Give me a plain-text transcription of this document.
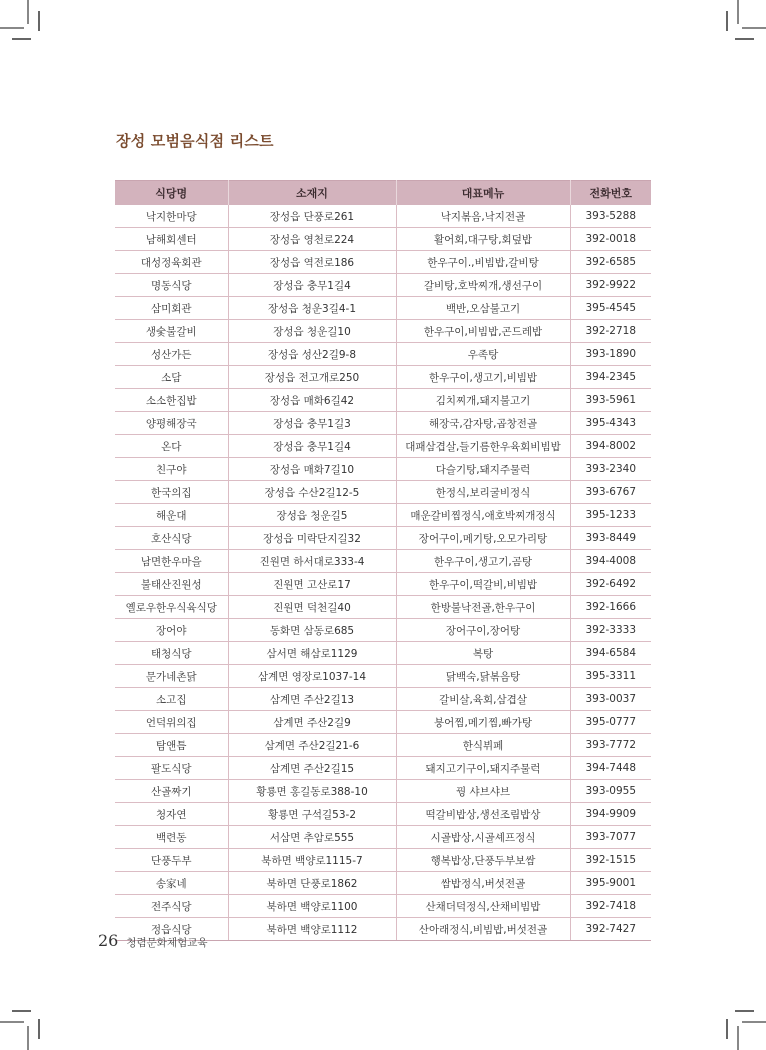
장성 모범음식점 리스트
식당명	소재지	대표메뉴	전화번호
낙지한마당	장성읍 단풍로261	낙지볶음,낙지전골	393-5288
남해회센터	장성읍 영천로224	활어회,대구탕,회덮밥	392-0018
대성정육회관	장성읍 역전로186	한우구이.,비빔밥,갈비탕	392-6585
명동식당	장성읍 충무1길4	갈비탕,호박찌개,생선구이	392-9922
삼미회관	장성읍 청운3길4-1	백반,오삼불고기	395-4545
생숯불갈비	장성읍 청운길10	한우구이,비빔밥,곤드레밥	392-2718
성산가든	장성읍 성산2길9-8	우족탕	393-1890
소담	장성읍 전고개로250	한우구이,생고기,비빔밥	394-2345
소소한집밥	장성읍 매화6길42	김치찌개,돼지불고기	393-5961
양평해장국	장성읍 충무1길3	해장국,감자탕,곱창전골	395-4343
온다	장성읍 충무1길4	대패삼겹살,들기름한우육회비빔밥	394-8002
친구야	장성읍 매화7길10	다슬기탕,돼지주물럭	393-2340
한국의집	장성읍 수산2길12-5	한정식,보리굴비정식	393-6767
해운대	장성읍 청운길5	매운갈비찜정식,애호박찌개정식	395-1233
호산식당	장성읍 미락단지길32	장어구이,메기탕,오모가리탕	393-8449
남면한우마을	진원면 하서대로333-4	한우구이,생고기,곰탕	394-4008
불태산진원성	진원면 고산로17	한우구이,떡갈비,비빔밥	392-6492
옐로우한우식육식당	진원면 덕천길40	한방불낙전골,한우구이	392-1666
장어야	동화면 삼동로685	장어구이,장어탕	392-3333
태청식당	삼서면 해삼로1129	복탕	394-6584
문가네촌닭	삼계면 영장로1037-14	닭백숙,닭볶음탕	395-3311
소고집	삼계면 주산2길13	갈비살,육회,삼겹살	393-0037
언덕위의집	삼계면 주산2길9	붕어찜,메기찜,빠가탕	395-0777
탐앤틈	삼계면 주산2길21-6	한식뷔페	393-7772
팔도식당	삼계면 주산2길15	돼지고기구이,돼지주물럭	394-7448
산골짜기	황룡면 홍길동로388-10	꿩 샤브샤브	393-0955
청자연	황룡면 구석길53-2	떡갈비밥상,생선조림밥상	394-9909
백련동	서삼면 추암로555	시골밥상,시골셰프정식	393-7077
단풍두부	북하면 백양로1115-7	행복밥상,단풍두부보쌈	392-1515
송家네	북하면 단풍로1862	쌈밥정식,버섯전골	395-9001
전주식당	북하면 백양로1100	산채더덕정식,산채비빔밥	392-7418
정읍식당	북하면 백양로1112	산아래정식,비빔밥,버섯전골	392-7427
26 청렴문화체험교육
